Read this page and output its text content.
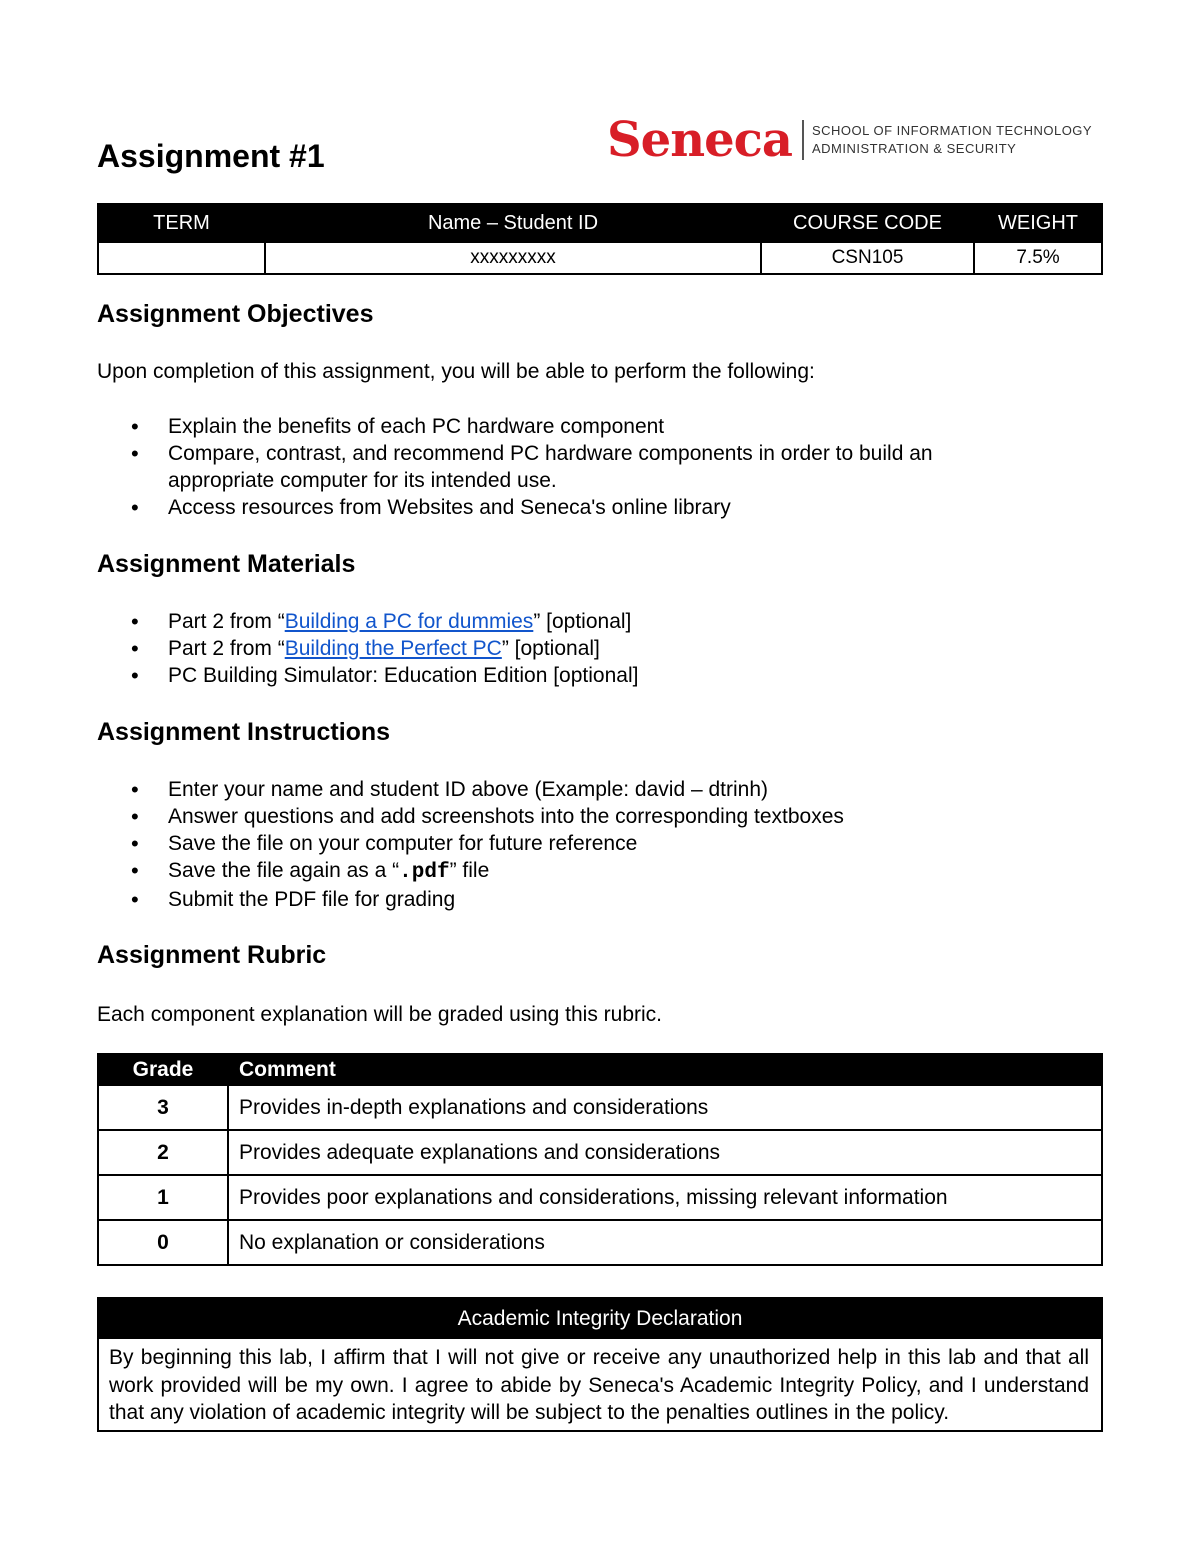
Assignment #1	Seneca SCHOOL OF INFORMATION TECHNOLOGY
ADMINISTRATION & SECURITY
TERM	Name – Student ID	COURSE CODE	WEIGHT
	xxxxxxxxx	CSN105	7.5%
Assignment Objectives

Upon completion of this assignment, you will be able to perform the following:

• Explain the benefits of each PC hardware component
• Compare, contrast, and recommend PC hardware components in order to build an appropriate computer for its intended use.
• Access resources from Websites and Seneca's online library
Assignment Materials
• Part 2 from “Building a PC for dummies” [optional]
• Part 2 from “Building the Perfect PC” [optional]
• PC Building Simulator: Education Edition [optional]
Assignment Instructions
• Enter your name and student ID above (Example: david – dtrinh)
• Answer questions and add screenshots into the corresponding textboxes
• Save the file on your computer for future reference
• Save the file again as a “.pdf” file
• Submit the PDF file for grading
Assignment Rubric

Each component explanation will be graded using this rubric.

Grade	Comment
3	Provides in-depth explanations and considerations
2	Provides adequate explanations and considerations
1	Provides poor explanations and considerations, missing relevant information
0	No explanation or considerations
Academic Integrity Declaration
By beginning this lab, I affirm that I will not give or receive any unauthorized help in this lab and that all work provided will be my own. I agree to abide by Seneca's Academic Integrity Policy, and I understand that any violation of academic integrity will be subject to the penalties outlines in the policy.
